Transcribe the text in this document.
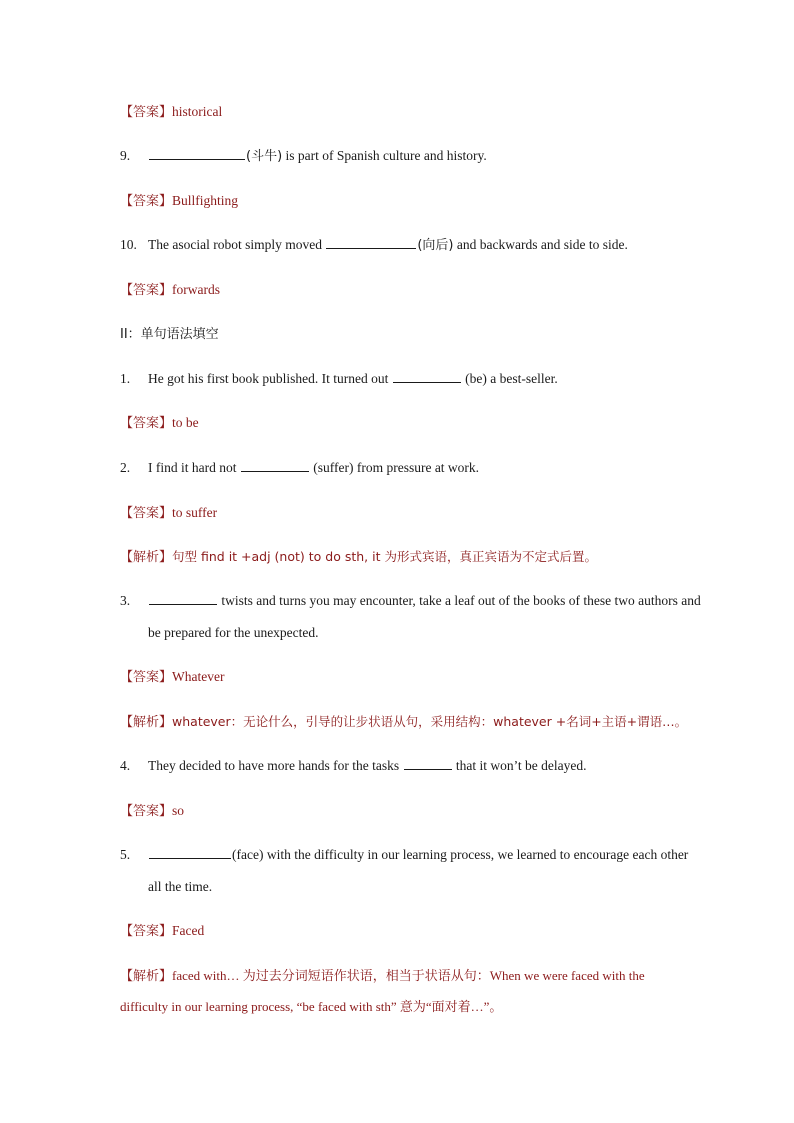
【答案】historical
9.	(斗牛) is part of Spanish culture and history.
【答案】Bullfighting
10. The asocial robot simply moved	(向后) and backwards and side to side.
【答案】forwards
II：单句语法填空
1. He got his first book published. It turned out	(be) a best-seller.
【答案】to be
2. I find it hard not	(suffer) from pressure at work.
【答案】to suffer
【解析】句型 find it +adj (not) to do sth, it 为形式宾语，真正宾语为不定式后置。
3.	twists and turns you may encounter, take a leaf out of the books of these two authors and
be prepared for the unexpected.
【答案】Whatever
【解析】whatever：无论什么，引导的让步状语从句，采用结构：whatever +名词+主语+谓语…。
4. They decided to have more hands for the tasks	that it won’t be delayed.
【答案】so
5.	(face) with the difficulty in our learning process, we learned to encourage each other
all the time.
【答案】Faced
【解析】faced with… 为过去分词短语作状语，相当于状语从句：When we were faced with the
difficulty in our learning process, “be faced with sth” 意为“面对着…”。
